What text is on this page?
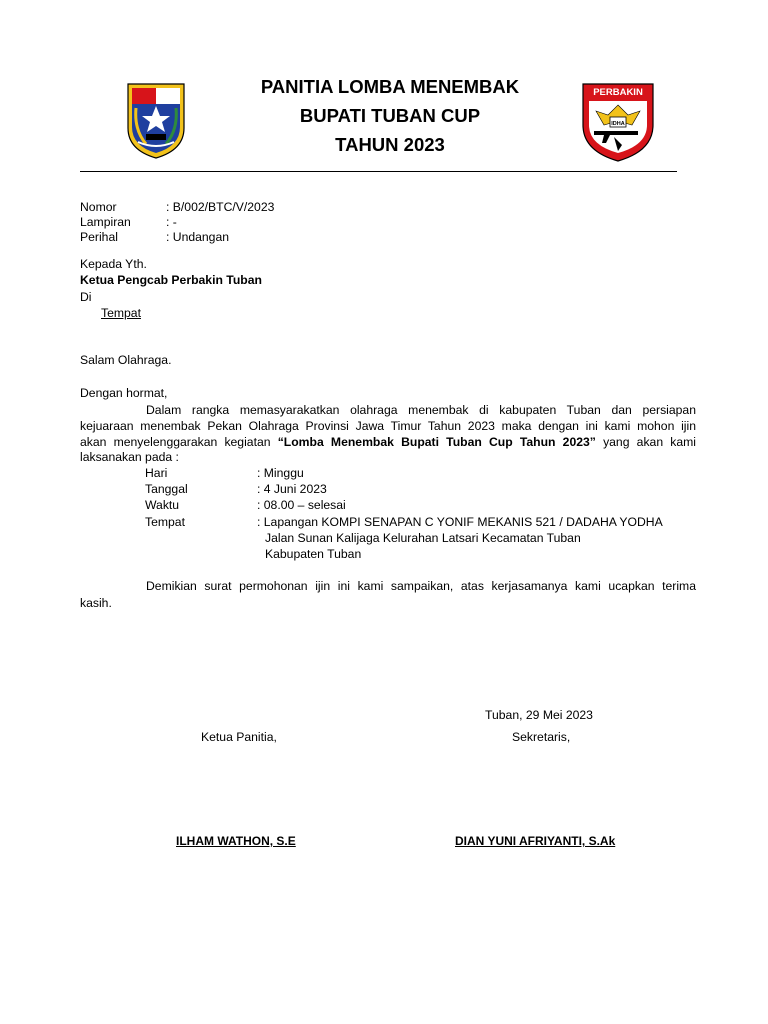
PANITIA LOMBA MENEMBAK
BUPATI TUBAN CUP
TAHUN 2023
PERBAKIN
IDHA
Nomor	: B/002/BTC/V/2023
Lampiran	: -
Perihal	: Undangan
Kepada Yth.
Ketua Pengcab Perbakin Tuban
Di
Tempat
Salam Olahraga.
Dengan hormat,
Dalam rangka memasyarakatkan olahraga menembak di kabupaten Tuban dan persiapan
kejuaraan menembak Pekan Olahraga Provinsi Jawa Timur Tahun 2023 maka dengan ini kami mohon ijin
akan menyelenggarakan kegiatan “Lomba Menembak Bupati Tuban Cup Tahun 2023” yang akan kami
laksanakan pada :
Hari	: Minggu
Tanggal	: 4 Juni 2023
Waktu	: 08.00 – selesai
Tempat	: Lapangan KOMPI SENAPAN C YONIF MEKANIS 521 / DADAHA YODHA
Jalan Sunan Kalijaga Kelurahan Latsari Kecamatan Tuban
Kabupaten Tuban
Demikian surat permohonan ijin ini kami sampaikan, atas kerjasamanya kami ucapkan terima
kasih.
Tuban, 29 Mei 2023
Ketua Panitia,	Sekretaris,
ILHAM WATHON, S.E	DIAN YUNI AFRIYANTI, S.Ak
